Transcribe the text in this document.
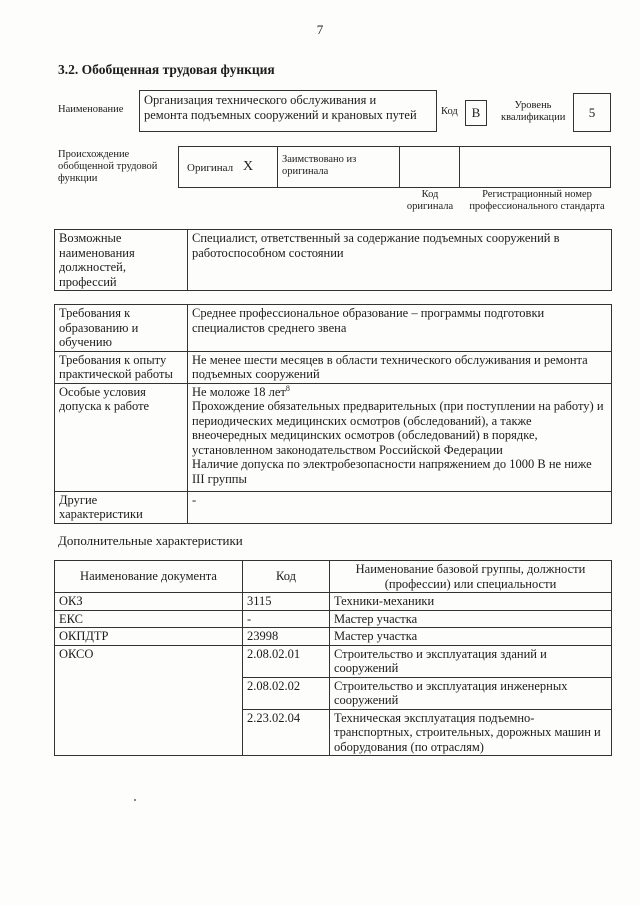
7
3.2. Обобщенная трудовая функция
Наименование
Организация технического обслуживания и
ремонта подъемных сооружений и крановых путей	Код	B	Уровень
квалификации	5
Происхождение
обобщенной трудовой
функции
Оригинал X	Заимствовано из
оригинала
Код
оригинала
Регистрационный номер
профессионального стандарта
Возможные наименования должностей, профессий	Специалист, ответственный за содержание подъемных сооружений в работоспособном состоянии
Требования к образованию и обучению	Среднее профессиональное образование – программы подготовки специалистов среднего звена
Требования к опыту практической работы	Не менее шести месяцев в области технического обслуживания и ремонта подъемных сооружений
Особые условия допуска к работе	Не моложе 18 лет$^8$
Прохождение обязательных предварительных (при поступлении на работу) и периодических медицинских осмотров (обследований), а также внеочередных медицинских осмотров (обследований) в порядке, установленном законодательством Российской Федерации
Наличие допуска по электробезопасности напряжением до 1000 В не ниже III группы

Другие характеристики	-
Дополнительные характеристики
Наименование документа	Код	Наименование базовой группы, должности (профессии) или специальности
ОКЗ	3115	Техники-механики
ЕКС	-	Мастер участка
ОКПДТР	23998	Мастер участка
ОКСО	2.08.02.01	Строительство и эксплуатация зданий и сооружений
	2.08.02.02	Строительство и эксплуатация инженерных сооружений
	2.23.02.04	Техническая эксплуатация подъемно-транспортных, строительных, дорожных машин и оборудования (по отраслям)
